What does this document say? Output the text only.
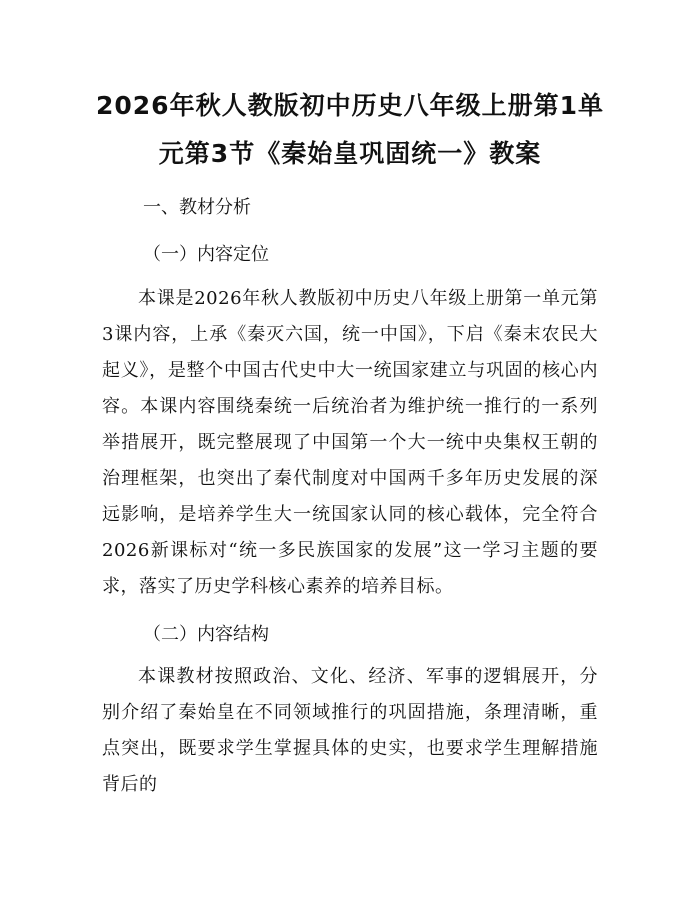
2026年秋人教版初中历史八年级上册第1单
元第3节《秦始皇巩固统一》教案
一、教材分析
（一）内容定位

本课是2026年秋人教版初中历史八年级上册第一单元第3课内容，上承《秦灭六国，统一中国》，下启《秦末农民大起义》，是整个中国古代史中大一统国家建立与巩固的核心内容。本课内容围绕秦统一后统治者为维护统一推行的一系列举措展开，既完整展现了中国第一个大一统中央集权王朝的治理框架，也突出了秦代制度对中国两千多年历史发展的深远影响，是培养学生大一统国家认同的核心载体，完全符合2026新课标对“统一多民族国家的发展”这一学习主题的要求，落实了历史学科核心素养的培养目标。

（二）内容结构

本课教材按照政治、文化、经济、军事的逻辑展开，分别介绍了秦始皇在不同领域推行的巩固措施，条理清晰，重点突出，既要求学生掌握具体的史实，也要求学生理解措施背后的
